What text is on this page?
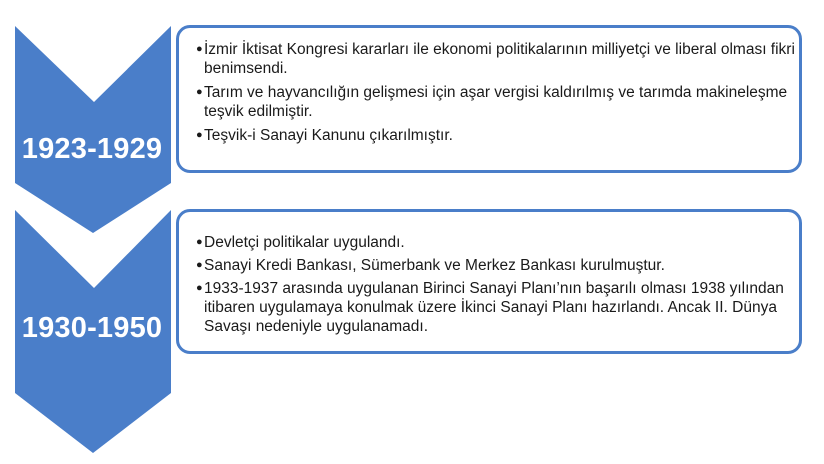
1923-1929
1930-1950
● İzmir İktisat Kongresi kararları ile ekonomi politikalarının milliyetçi ve liberal olması fikri benimsendi.
● Tarım ve hayvancılığın gelişmesi için aşar vergisi kaldırılmış ve tarımda makineleşme teşvik edilmiştir.
● Teşvik-i Sanayi Kanunu çıkarılmıştır.
● Devletçi politikalar uygulandı.
● Sanayi Kredi Bankası, Sümerbank ve Merkez Bankası kurulmuştur.
● 1933-1937 arasında uygulanan Birinci Sanayi Planı’nın başarılı olması 1938 yılından itibaren uygulamaya konulmak üzere İkinci Sanayi Planı hazırlandı. Ancak II. Dünya Savaşı nedeniyle uygulanamadı.
